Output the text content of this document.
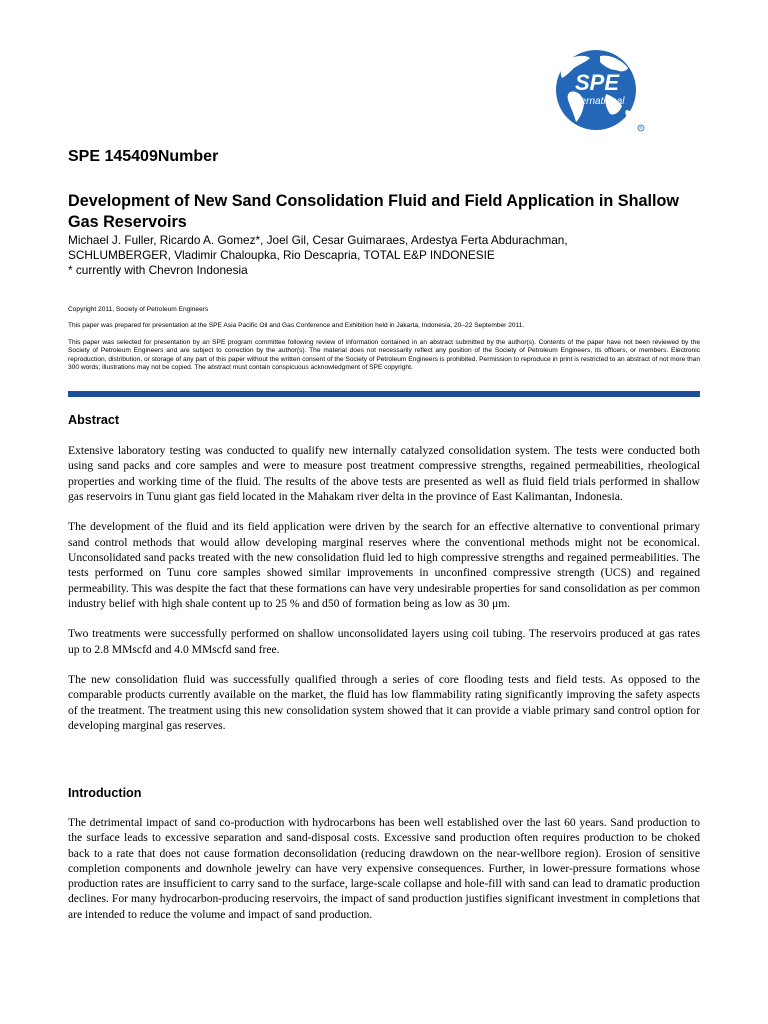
SPE
International
R
SPE 145409Number
Development of New Sand Consolidation Fluid and Field Application in Shallow Gas Reservoirs
Michael J. Fuller, Ricardo A. Gomez*, Joel Gil, Cesar Guimaraes, Ardestya Ferta Abdurachman,
SCHLUMBERGER, Vladimir Chaloupka, Rio Descapria, TOTAL E&P INDONESIE
* currently with Chevron Indonesia

Copyright 2011, Society of Petroleum Engineers

This paper was prepared for presentation at the SPE Asia Pacific Oil and Gas Conference and Exhibition held in Jakarta, Indonesia, 20–22 September 2011.

This paper was selected for presentation by an SPE program committee following review of information contained in an abstract submitted by the author(s). Contents of the paper have not been reviewed by the Society of Petroleum Engineers and are subject to correction by the author(s). The material does not necessarily reflect any position of the Society of Petroleum Engineers, its officers, or members. Electronic reproduction, distribution, or storage of any part of this paper without the written consent of the Society of Petroleum Engineers is prohibited. Permission to reproduce in print is restricted to an abstract of not more than 300 words; illustrations may not be copied. The abstract must contain conspicuous acknowledgment of SPE copyright.

Abstract

Extensive laboratory testing was conducted to qualify new internally catalyzed consolidation system. The tests were conducted both using sand packs and core samples and were to measure post treatment compressive strengths, regained permeabilities, rheological properties and working time of the fluid. The results of the above tests are presented as well as fluid field trials performed in shallow gas reservoirs in Tunu giant gas field located in the Mahakam river delta in the province of East Kalimantan, Indonesia.

The development of the fluid and its field application were driven by the search for an effective alternative to conventional primary sand control methods that would allow developing marginal reserves where the conventional methods might not be economical. Unconsolidated sand packs treated with the new consolidation fluid led to high compressive strengths and regained permeabilities. The tests performed on Tunu core samples showed similar improvements in unconfined compressive strength (UCS) and regained permeability. This was despite the fact that these formations can have very undesirable properties for sand consolidation as per common industry belief with high shale content up to 25 % and d50 of formation being as low as 30 μm.

Two treatments were successfully performed on shallow unconsolidated layers using coil tubing. The reservoirs produced at gas rates up to 2.8 MMscfd and 4.0 MMscfd sand free.

The new consolidation fluid was successfully qualified through a series of core flooding tests and field tests. As opposed to the comparable products currently available on the market, the fluid has low flammability rating significantly improving the safety aspects of the treatment. The treatment using this new consolidation system showed that it can provide a viable primary sand control option for developing marginal gas reserves.

Introduction

The detrimental impact of sand co-production with hydrocarbons has been well established over the last 60 years. Sand production to the surface leads to excessive separation and sand-disposal costs. Excessive sand production often requires production to be choked back to a rate that does not cause formation deconsolidation (reducing drawdown on the near-wellbore region). Erosion of sensitive completion components and downhole jewelry can have very expensive consequences. Further, in lower-pressure formations whose production rates are insufficient to carry sand to the surface, large-scale collapse and hole-fill with sand can lead to dramatic production declines. For many hydrocarbon-producing reservoirs, the impact of sand production justifies significant investment in completions that are intended to reduce the volume and impact of sand production.
